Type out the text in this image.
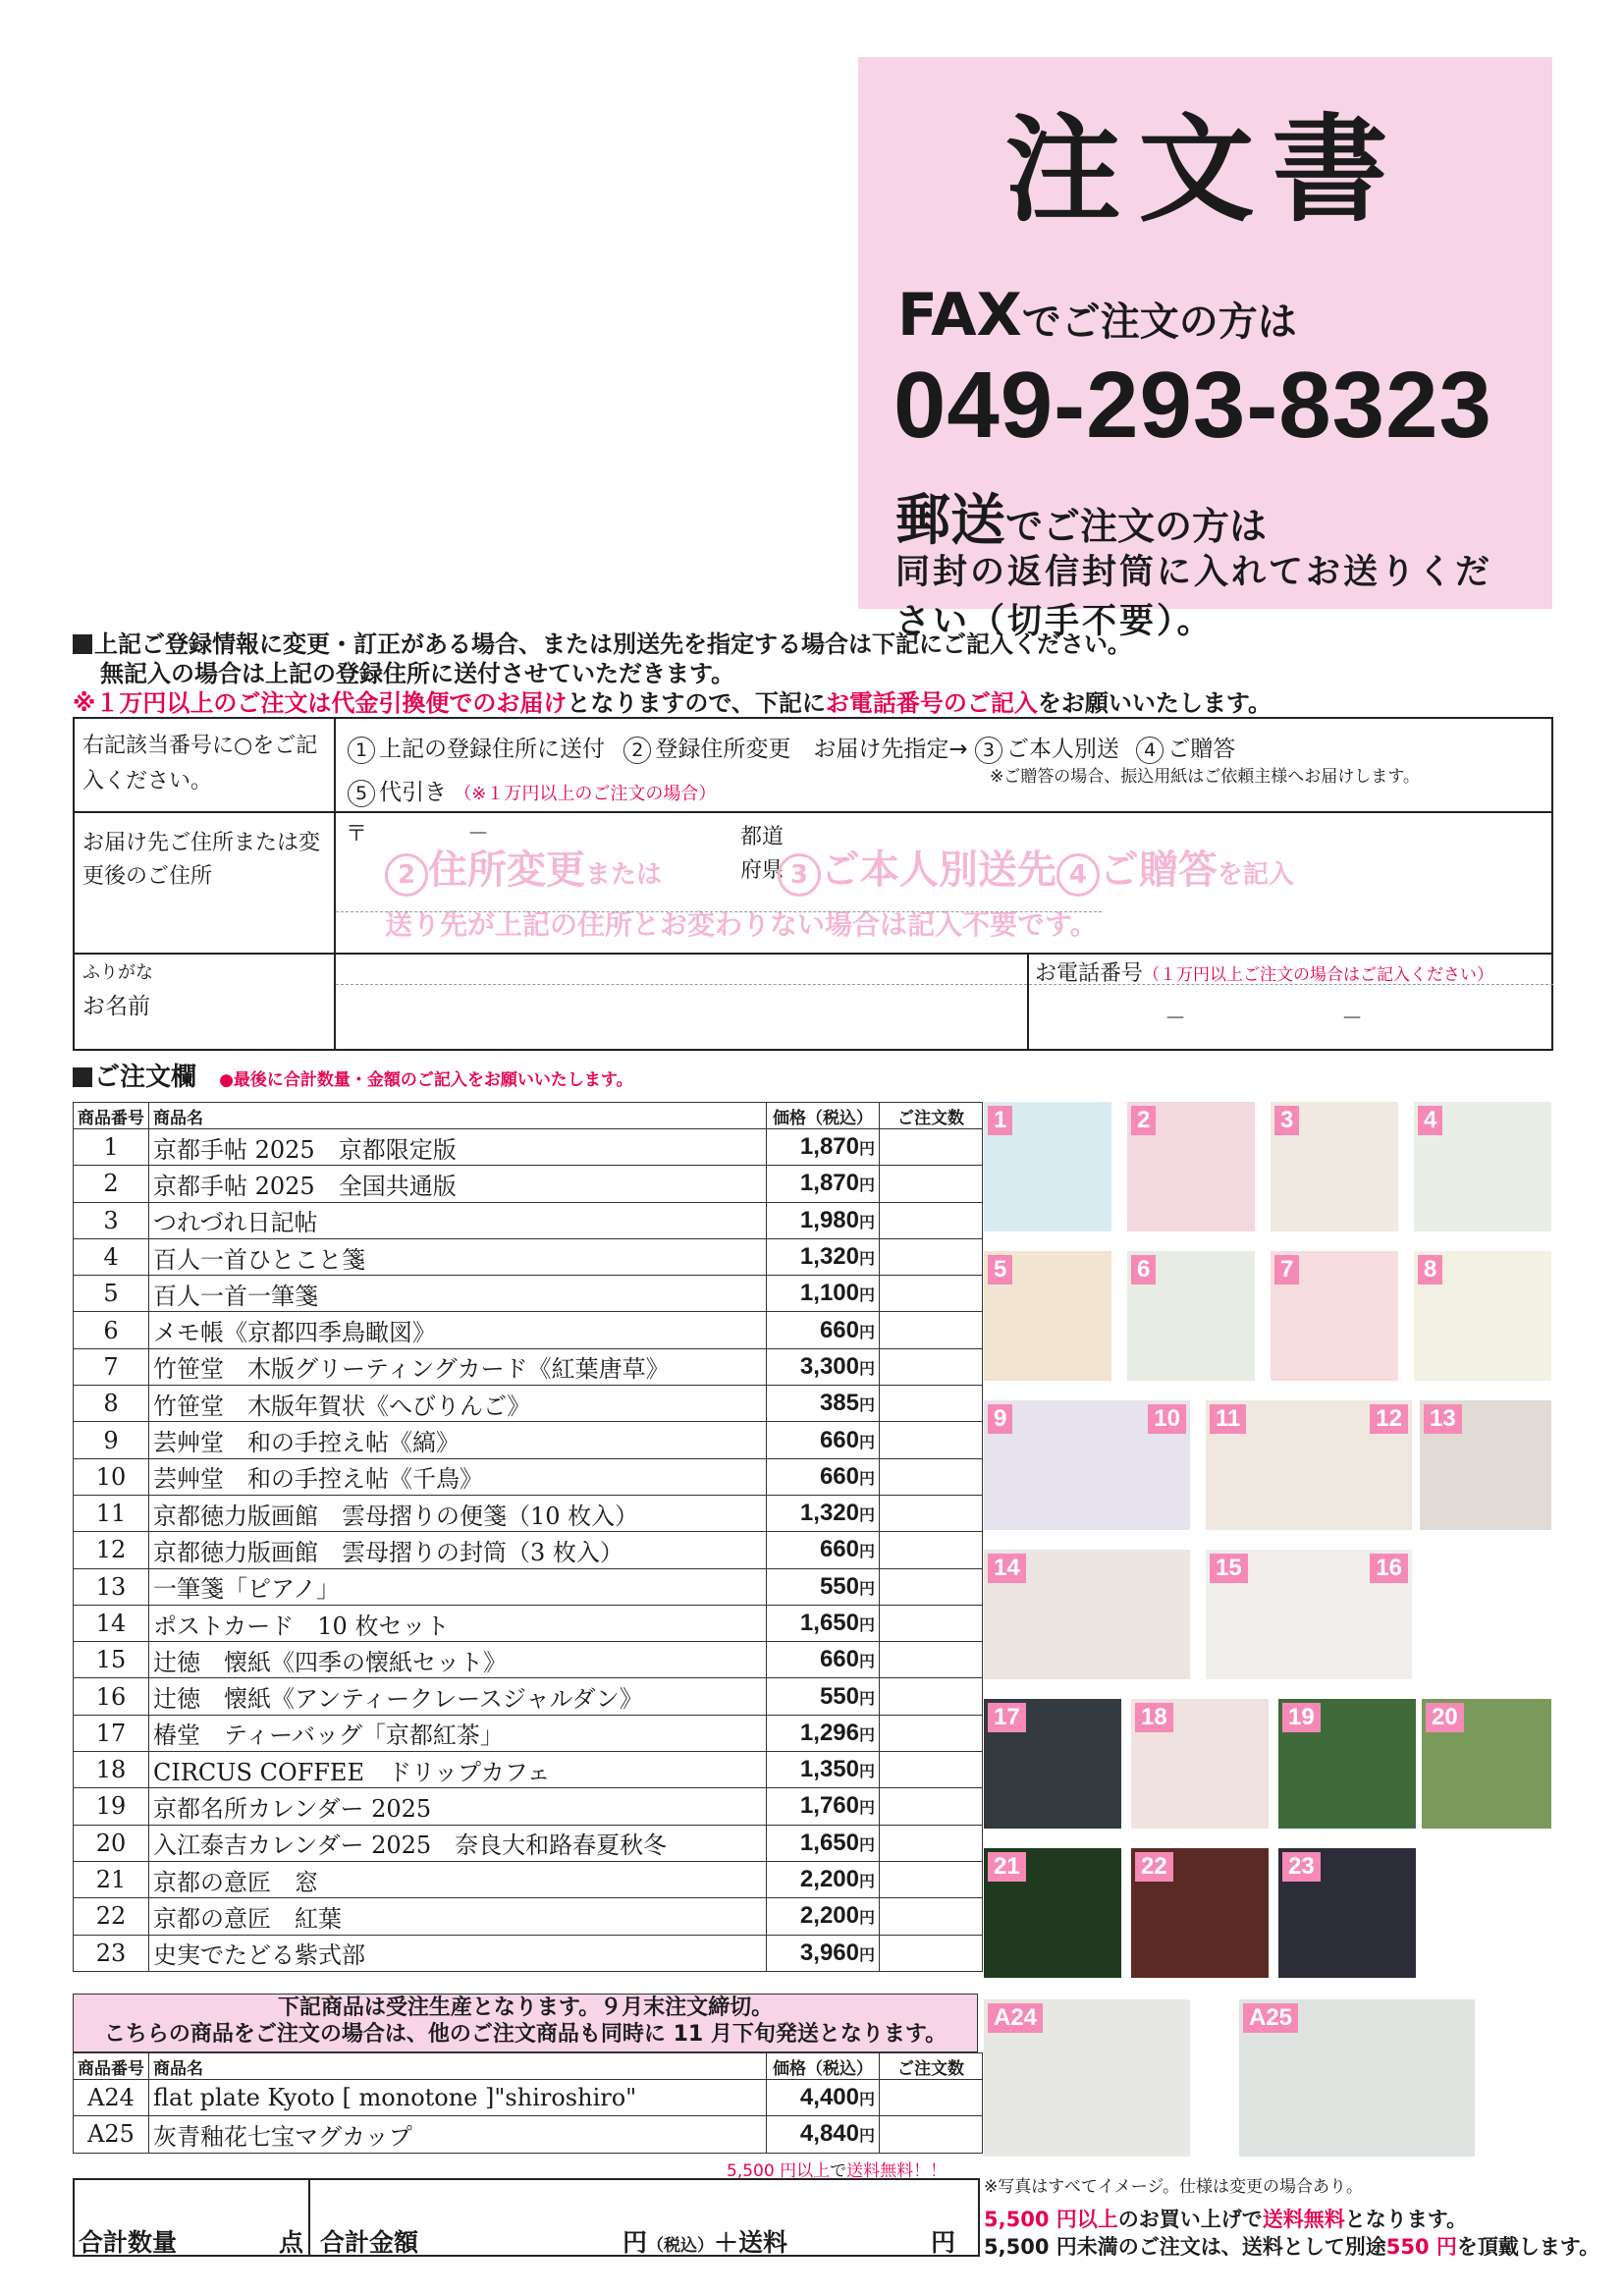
注文書
FAXでご注文の方は
049-293-8323
郵送でご注文の方は
同封の返信封筒に入れてお送りください（切手不要）。
上記ご登録情報に変更・訂正がある場合、または別送先を指定する場合は下記にご記入ください。
無記入の場合は上記の登録住所に送付させていただきます。
※１万円以上のご注文は代金引換便でのお届けとなりますので、下記にお電話番号のご記入をお願いいたします。
右記該当番号に○をご記入ください。
1 上記の登録住所に送付 2 登録住所変更　お届け先指定→ 3 ご本人別送 4 ご贈答
※ご贈答の場合、振込用紙はご依頼主様へお届けします。
5 代引き （※１万円以上のご注文の場合）
お届け先ご住所または変更後のご住所
〒	－	都道
府県
2 住所変更または	3 ご本人別送先 4 ご贈答を記入
送り先が上記の住所とお変わりない場合は記入不要です。
ふりがな
お名前
お電話番号（１万円以上ご注文の場合はご記入ください）
－	－
ご注文欄 ●最後に合計数量・金額のご記入をお願いいたします。
商品番号	商品名	価格（税込）	ご注文数
1	京都手帖 2025　京都限定版	1,870円	
2	京都手帖 2025　全国共通版	1,870円	
3	つれづれ日記帖	1,980円	
4	百人一首ひとこと箋	1,320円	
5	百人一首一筆箋	1,100円	
6	メモ帳《京都四季鳥瞰図》	660円	
7	竹笹堂　木版グリーティングカード《紅葉唐草》	3,300円	
8	竹笹堂　木版年賀状《へびりんご》	385円	
9	芸艸堂　和の手控え帖《縞》	660円	
10	芸艸堂　和の手控え帖《千鳥》	660円	
11	京都徳力版画館　雲母摺りの便箋（10 枚入）	1,320円	
12	京都徳力版画館　雲母摺りの封筒（3 枚入）	660円	
13	一筆箋「ピアノ」	550円	
14	ポストカード　10 枚セット	1,650円	
15	辻徳　懐紙《四季の懐紙セット》	660円	
16	辻徳　懐紙《アンティークレースジャルダン》	550円	
17	椿堂　ティーバッグ「京都紅茶」	1,296円	
18	CIRCUS COFFEE　ドリップカフェ	1,350円	
19	京都名所カレンダー 2025	1,760円	
20	入江泰吉カレンダー 2025　奈良大和路春夏秋冬	1,650円	
21	京都の意匠　窓	2,200円	
22	京都の意匠　紅葉	2,200円	
23	史実でたどる紫式部	3,960円	
下記商品は受注生産となります。９月末注文締切。
こちらの商品をご注文の場合は、他のご注文商品も同時に 11 月下旬発送となります。
商品番号	商品名	価格（税込）	ご注文数
A24	flat plate Kyoto [ monotone ]"shiroshiro"	4,400円	
A25	灰青釉花七宝マグカップ	4,840円	
1	2	3	4
5	6	7	8
9	10 11	12 13
14	15	16
17	18	19	20
21	22	23
A24	A25
5,500 円以上で送料無料！！
合計数量	点 合計金額	円（税込）＋送料	円
※写真はすべてイメージ。仕様は変更の場合あり。
5,500 円以上のお買い上げで送料無料となります。
5,500 円未満のご注文は、送料として別途550 円を頂戴します。
